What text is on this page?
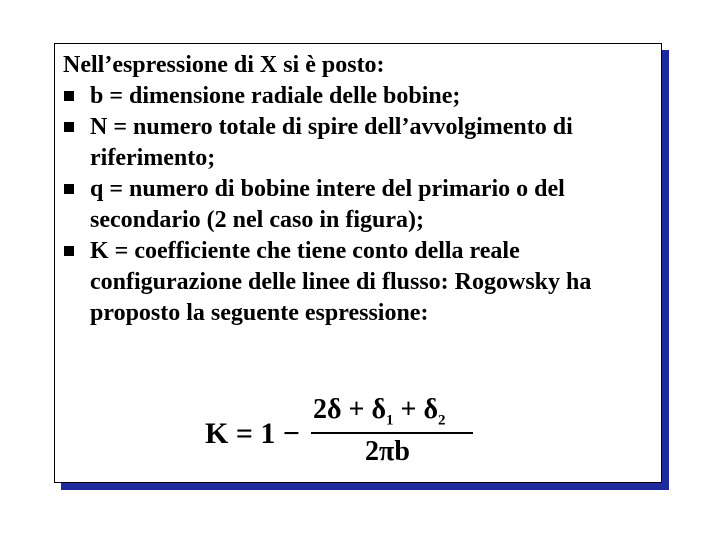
Nell’espressione di X si è posto:

b = dimensione radiale delle bobine;
N = numero totale di spire dell’avvolgimento di riferimento;
q = numero di bobine intere del primario o del secondario (2 nel caso in figura);
K = coefficiente che tiene conto della reale configurazione delle linee di flusso: Rogowsky ha proposto la seguente espressione:
K = 1 −
$2\delta + \delta_1 + \delta_2$
2πb
